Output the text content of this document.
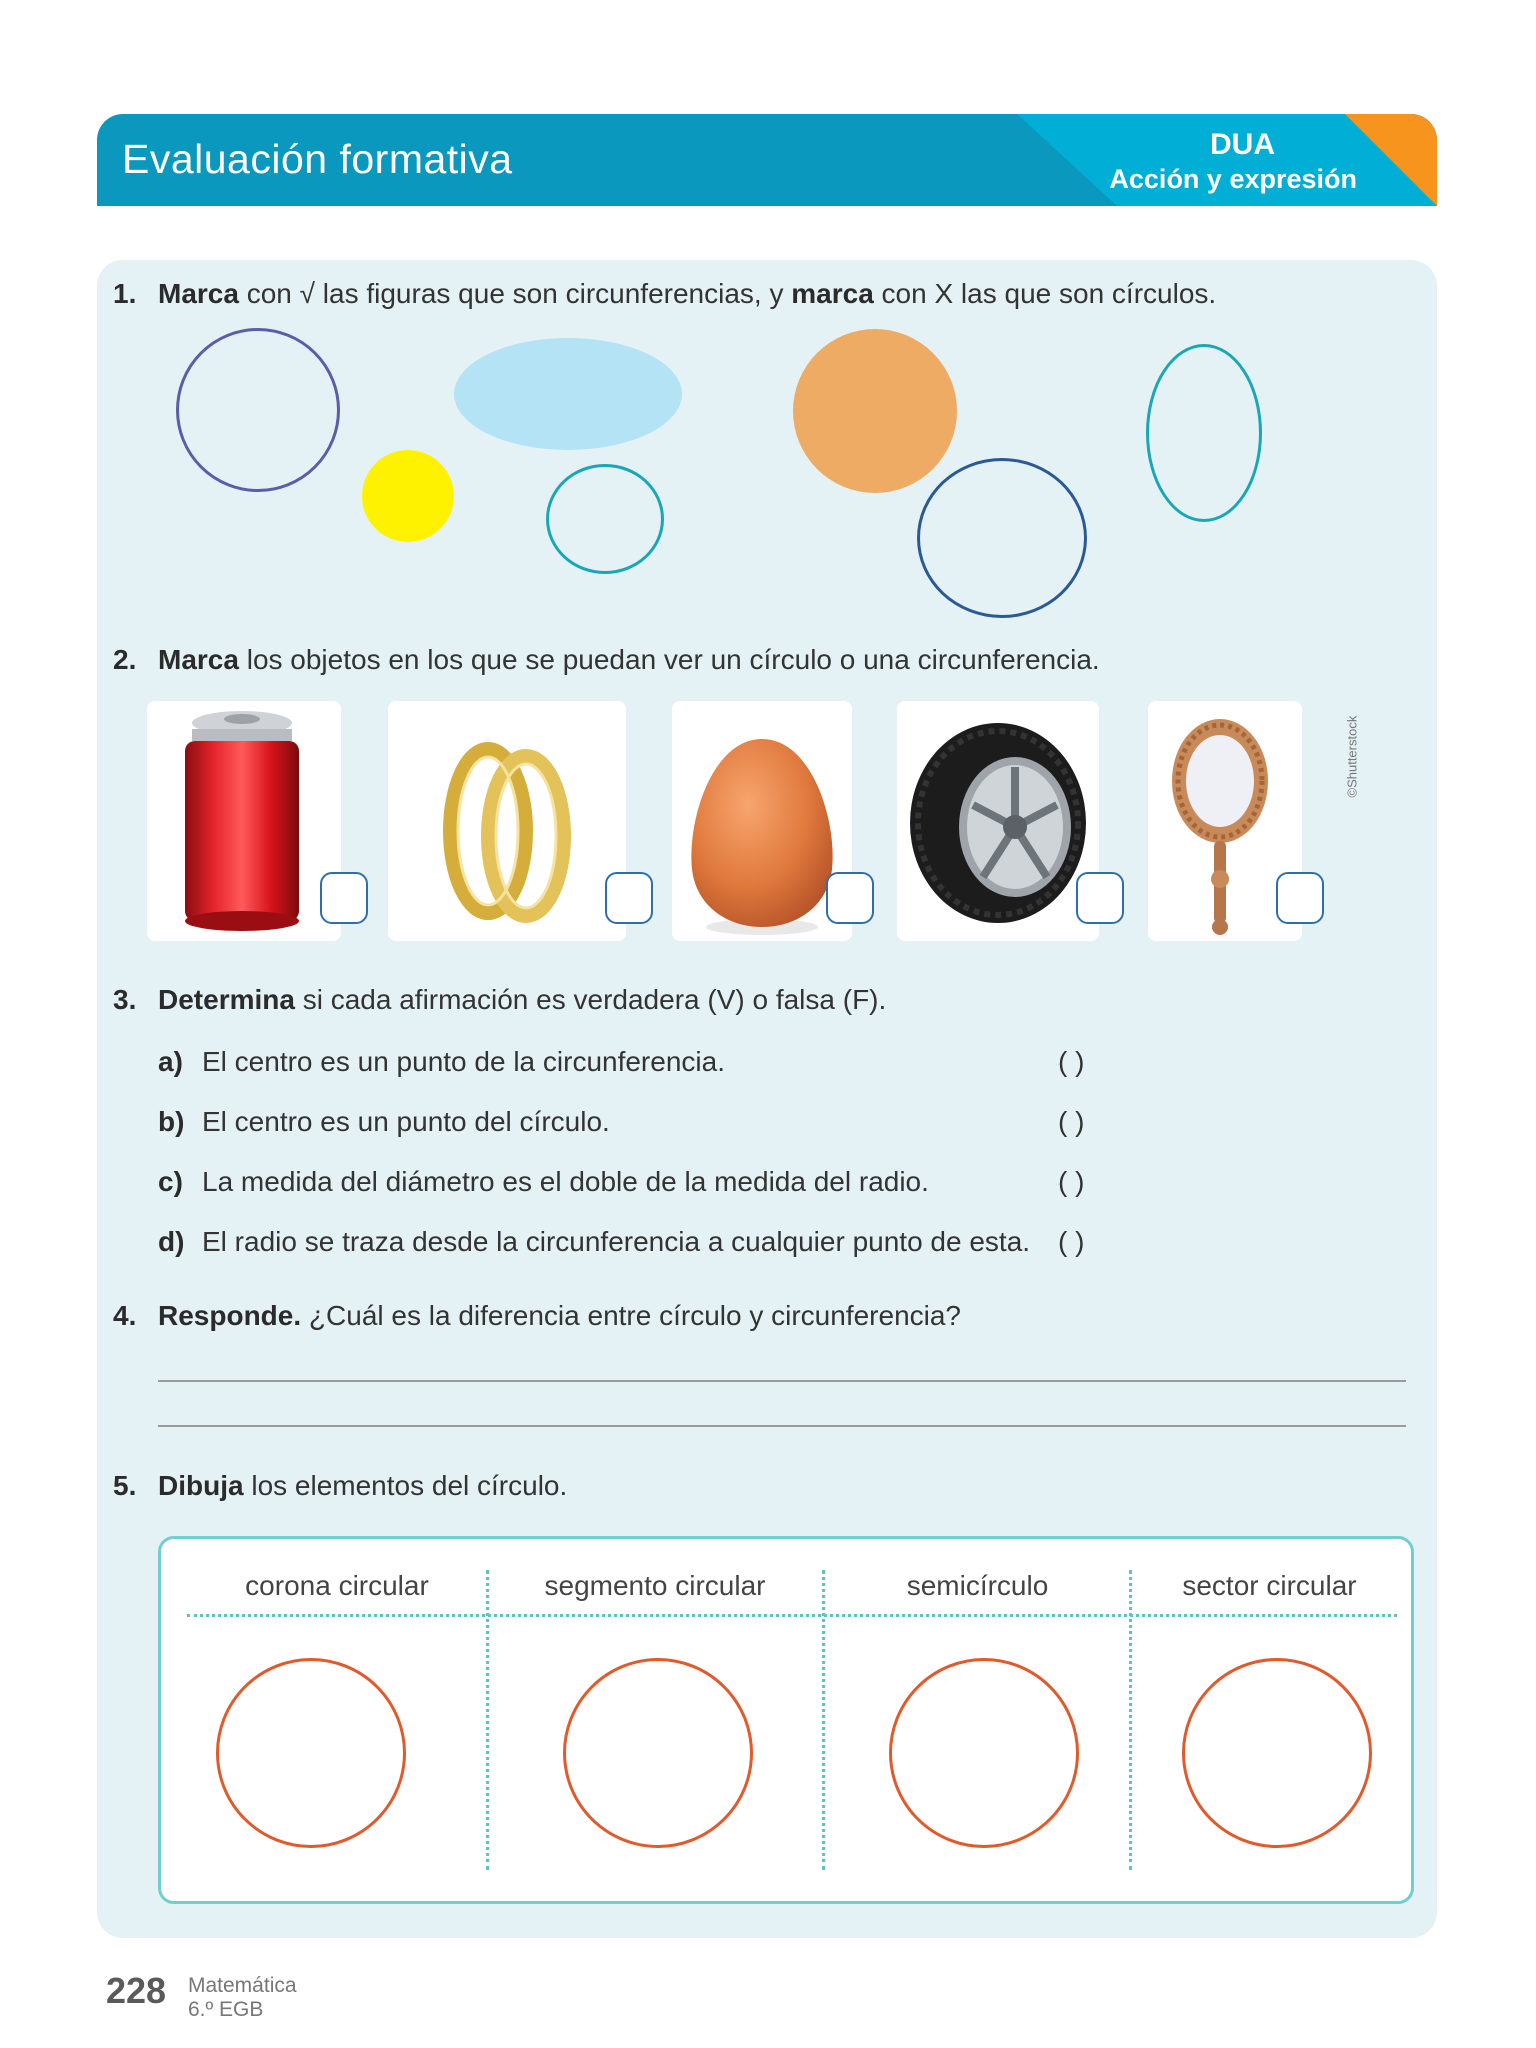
Evaluación formativa	DUA
Acción y expresión
1. Marca con √ las figuras que son circunferencias, y marca con X las que son círculos.
2. Marca los objetos en los que se puedan ver un círculo o una circunferencia.
©Shutterstock
3. Determina si cada afirmación es verdadera (V) o falsa (F).
a) El centro es un punto de la circunferencia.	( )
b) El centro es un punto del círculo.	( )
c) La medida del diámetro es el doble de la medida del radio.	( )
d) El radio se traza desde la circunferencia a cualquier punto de esta. ( )
4. Responde. ¿Cuál es la diferencia entre círculo y circunferencia?
5. Dibuja los elementos del círculo.
corona circular	segmento circular	semicírculo	sector circular
228 Matemática
6.º EGB
